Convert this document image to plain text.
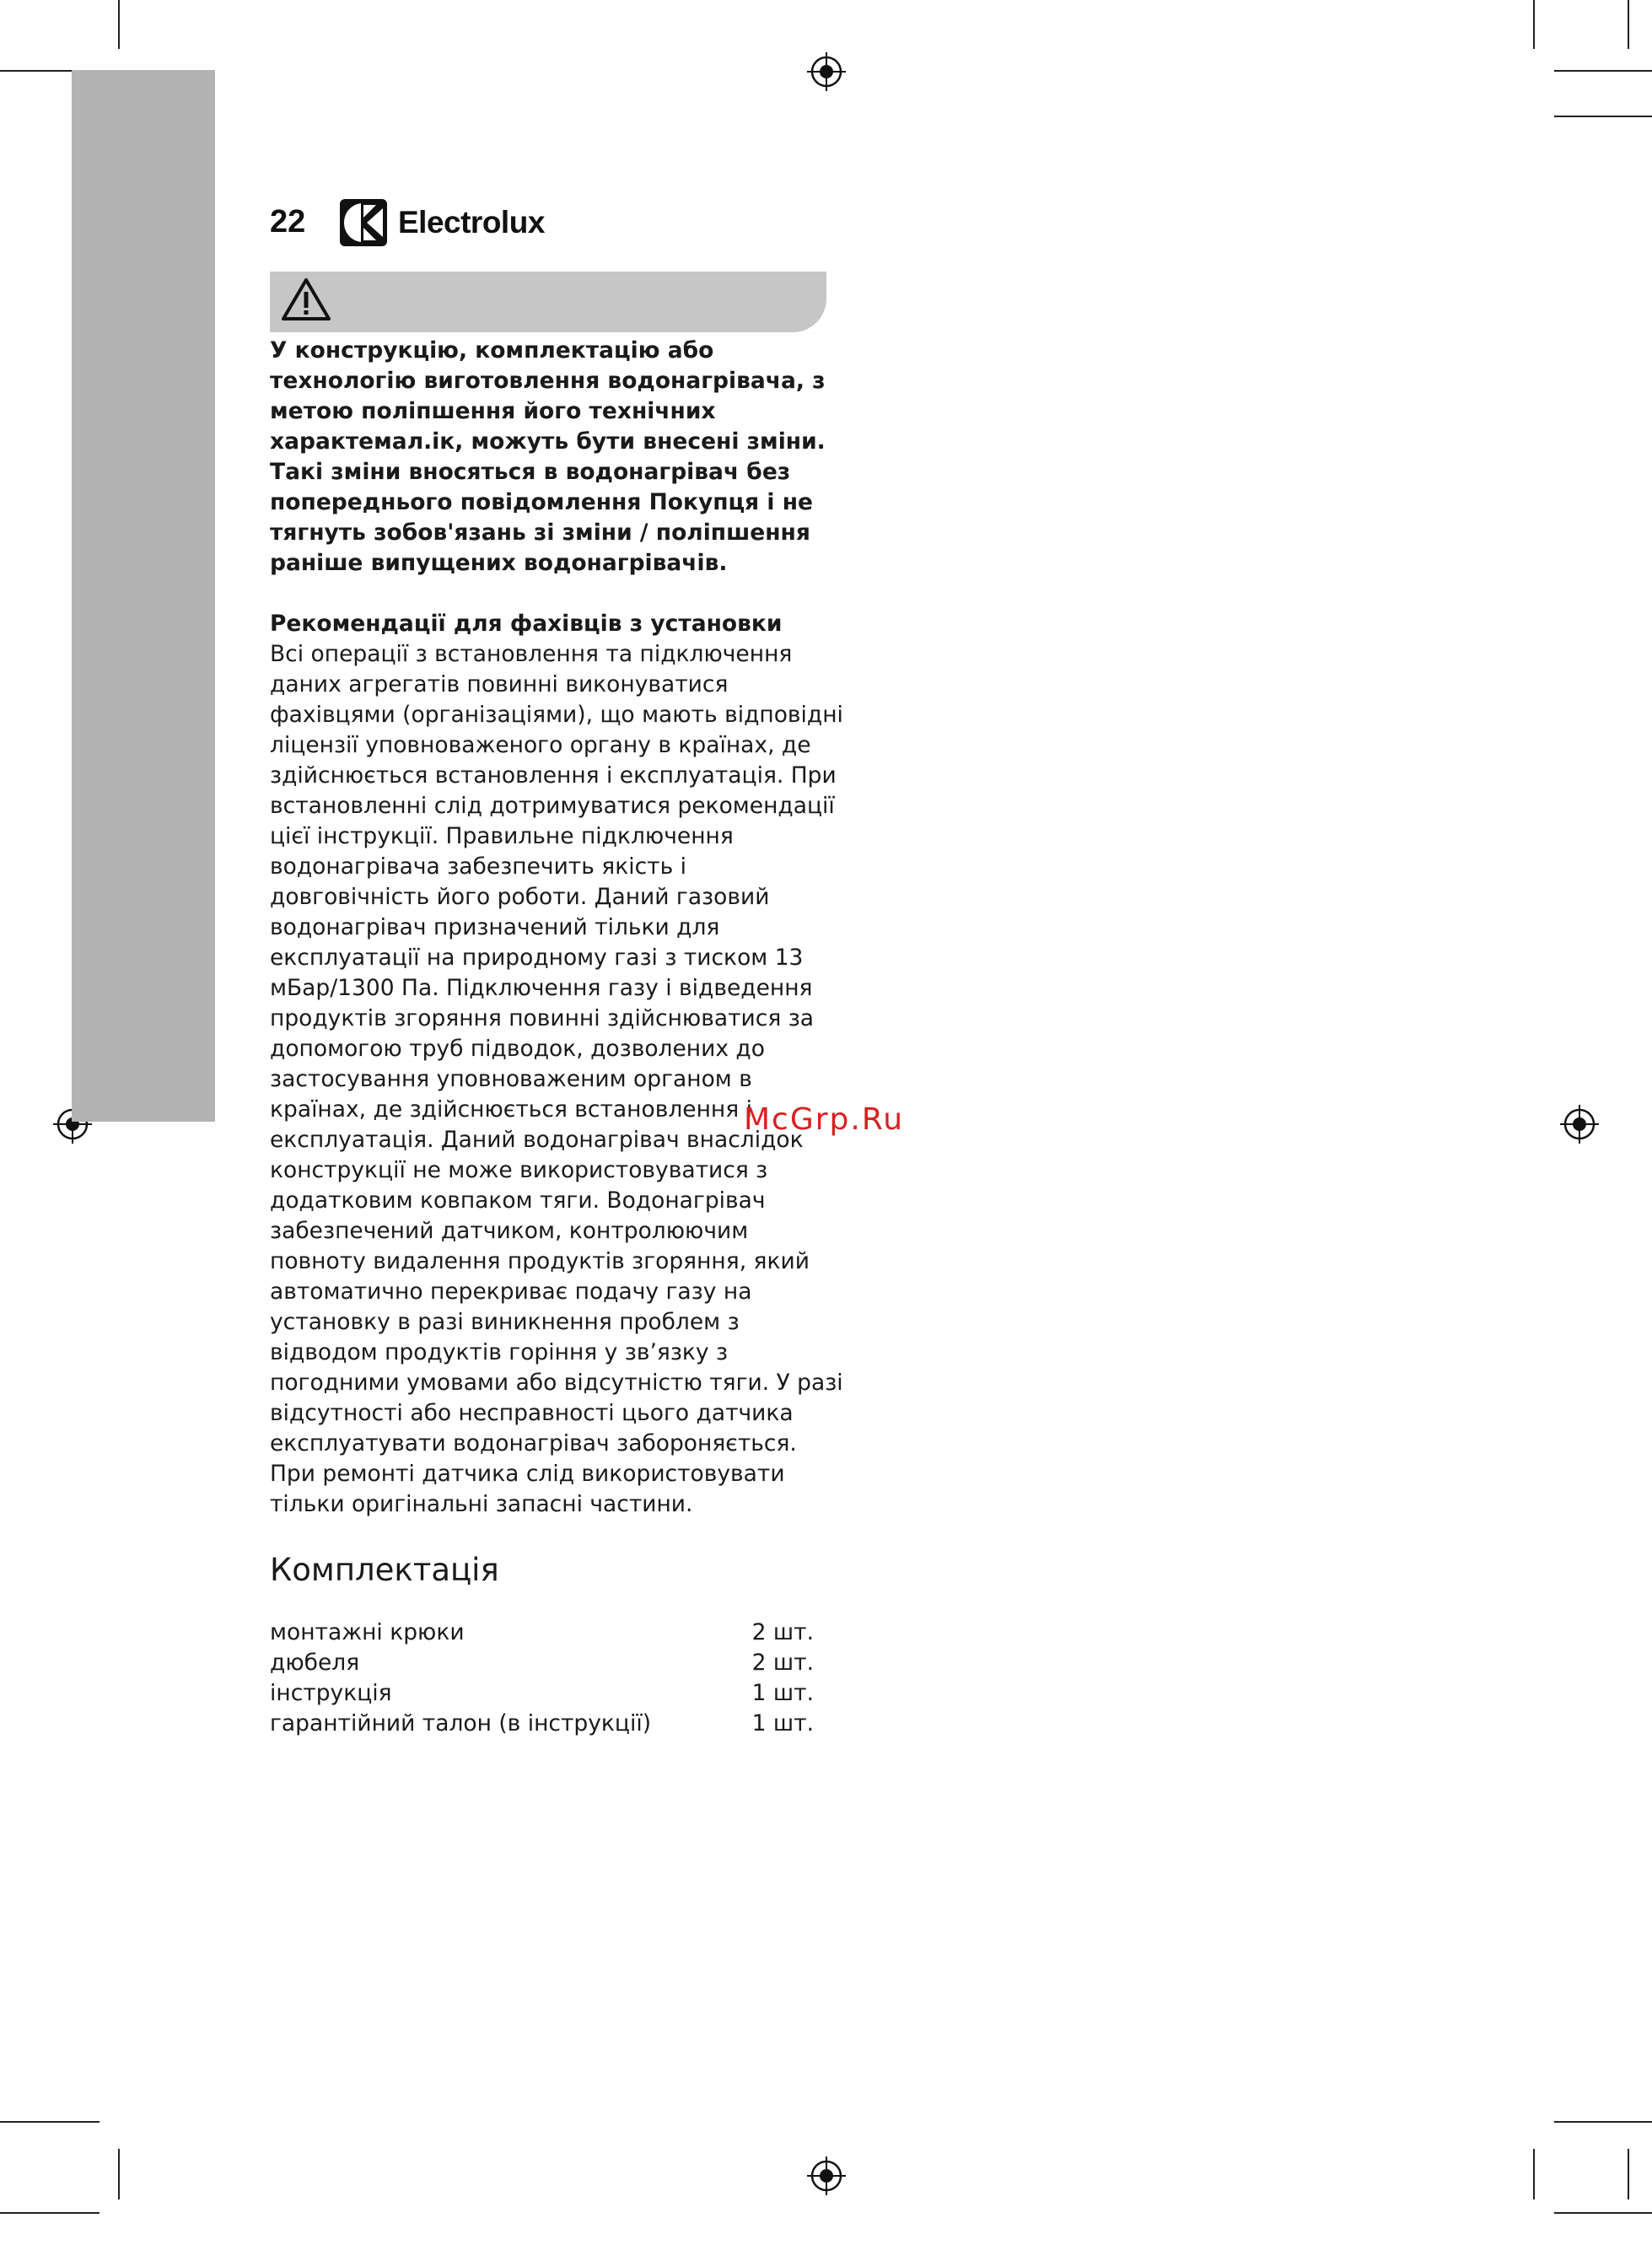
22	Electrolux

У конструкцію, комплектацію або технологію виготовлення водонагрівача, з метою поліпшення його технічних характемал.ік, можуть бути внесені зміни. Такі зміни вносяться в водонагрівач без попереднього повідомлення Покупця і не тягнуть зобов'язань зі зміни / поліпшення раніше випущених водонагрівачів.

Рекомендації для фахівців з установки

Всі операції з встановлення та підключення даних агрегатів повинні виконуватися фахівцями (організаціями), що мають відповідні ліцензії уповноваженого органу в країнах, де здійснюється встановлення і експлуатація. При встановленні слід дотримуватися рекомендації цієї інструкції. Правильне підключення водонагрівача забезпечить якість і довговічність його роботи. Даний газовий водонагрівач призначений тільки для експлуатації на природному газі з тиском 13 мБар/1300 Па. Підключення газу і відведення продуктів згоряння повинні здійснюватися за допомогою труб підводок, дозволених до застосування уповноваженим органом в країнах, де здійснюється встановлення і експлуатація. Даний водонагрівач внаслідок конструкції не може використовуватися з додатковим ковпаком тяги. Водонагрівач забезпечений датчиком, контролюючим повноту видалення продуктів згоряння, який автоматично перекриває подачу газу на установку в разі виникнення проблем з відводом продуктів горіння у зв’язку з погодними умовами або відсутністю тяги. У разі відсутності або несправності цього датчика експлуатувати водонагрівач забороняється. При ремонті датчика слід використовувати тільки оригінальні запасні частини.

Комплектація
монтажні крюки	2 шт.
дюбеля	2 шт.
інструкція	1 шт.
гарантійний талон (в інструкції)	1 шт.
McGrp.Ru
